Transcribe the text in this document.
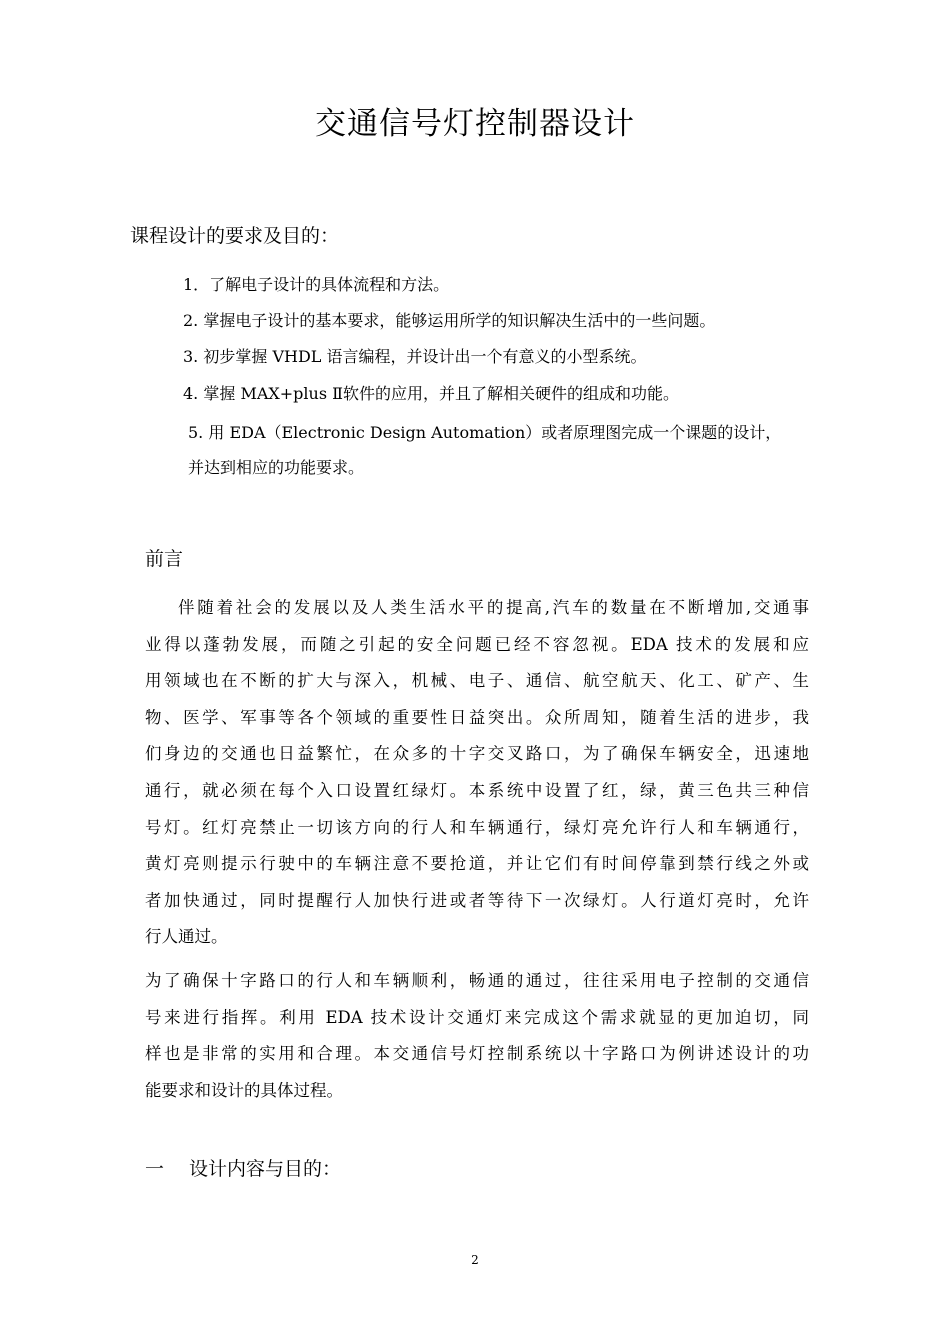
交通信号灯控制器设计
课程设计的要求及目的：
1．了解电子设计的具体流程和方法。
2. 掌握电子设计的基本要求，能够运用所学的知识解决生活中的一些问题。
3. 初步掌握 VHDL 语言编程，并设计出一个有意义的小型系统。
4. 掌握 MAX+plus Ⅱ软件的应用，并且了解相关硬件的组成和功能。
5. 用 EDA（Electronic Design Automation）或者原理图完成一个课题的设计，
并达到相应的功能要求。
前言
伴随着社会的发展以及人类生活水平的提高,汽车的数量在不断增加,交通事
业得以蓬勃发展，而随之引起的安全问题已经不容忽视。EDA 技术的发展和应
用领域也在不断的扩大与深入，机械、电子、通信、航空航天、化工、矿产、生
物、医学、军事等各个领域的重要性日益突出。众所周知，随着生活的进步，我
们身边的交通也日益繁忙，在众多的十字交叉路口，为了确保车辆安全，迅速地
通行，就必须在每个入口设置红绿灯。本系统中设置了红，绿，黄三色共三种信
号灯。红灯亮禁止一切该方向的行人和车辆通行，绿灯亮允许行人和车辆通行，
黄灯亮则提示行驶中的车辆注意不要抢道，并让它们有时间停靠到禁行线之外或
者加快通过，同时提醒行人加快行进或者等待下一次绿灯。人行道灯亮时，允许
行人通过。
为了确保十字路口的行人和车辆顺利，畅通的通过，往往采用电子控制的交通信
号来进行指挥。利用 EDA 技术设计交通灯来完成这个需求就显的更加迫切，同
样也是非常的实用和合理。本交通信号灯控制系统以十字路口为例讲述设计的功
能要求和设计的具体过程。
一 设计内容与目的：
2
